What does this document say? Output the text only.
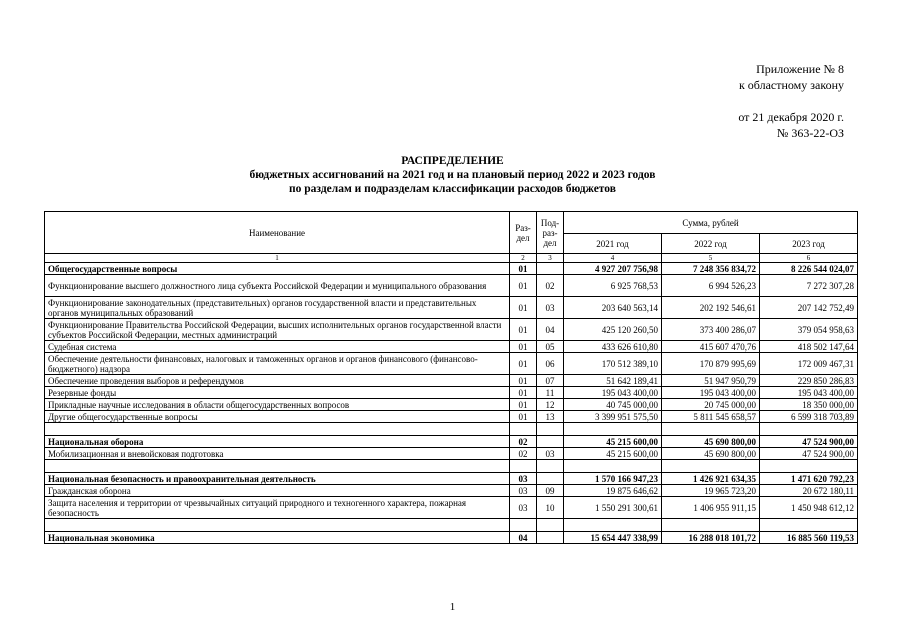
Приложение № 8
к областному закону
от 21 декабря 2020 г.
№ 363-22-ОЗ
РАСПРЕДЕЛЕНИЕ
бюджетных ассигнований на 2021 год и на плановый период 2022 и 2023 годов
по разделам и подразделам классификации расходов бюджетов
Наименование	Раз-дел	Под-раз-дел	Сумма, рублей		
			2021 год	2022 год	2023 год
1	2	3	4	5	6
Общегосударственные вопросы	01		4 927 207 756,98	7 248 356 834,72	8 226 544 024,07
Функционирование высшего должностного лица субъекта Российской Федерации и муниципального образования	01	02	6 925 768,53	6 994 526,23	7 272 307,28
Функционирование законодательных (представительных) органов государственной власти и представительных органов муниципальных образований	01	03	203 640 563,14	202 192 546,61	207 142 752,49
Функционирование Правительства Российской Федерации, высших исполнительных органов государственной власти субъектов Российской Федерации, местных администраций	01	04	425 120 260,50	373 400 286,07	379 054 958,63
Судебная система	01	05	433 626 610,80	415 607 470,76	418 502 147,64
Обеспечение деятельности финансовых, налоговых и таможенных органов и органов финансового (финансово-бюджетного) надзора	01	06	170 512 389,10	170 879 995,69	172 009 467,31
Обеспечение проведения выборов и референдумов	01	07	51 642 189,41	51 947 950,79	229 850 286,83
Резервные фонды	01	11	195 043 400,00	195 043 400,00	195 043 400,00
Прикладные научные исследования в области общегосударственных вопросов	01	12	40 745 000,00	20 745 000,00	18 350 000,00
Другие общегосударственные вопросы	01	13	3 399 951 575,50	5 811 545 658,57	6 599 318 703,89

Национальная оборона	02		45 215 600,00	45 690 800,00	47 524 900,00
Мобилизационная и вневойсковая подготовка	02	03	45 215 600,00	45 690 800,00	47 524 900,00

Национальная безопасность и правоохранительная деятельность	03		1 570 166 947,23	1 426 921 634,35	1 471 620 792,23
Гражданская оборона	03	09	19 875 646,62	19 965 723,20	20 672 180,11
Защита населения и территории от чрезвычайных ситуаций природного и техногенного характера, пожарная безопасность	03	10	1 550 291 300,61	1 406 955 911,15	1 450 948 612,12

Национальная экономика	04		15 654 447 338,99	16 288 018 101,72	16 885 560 119,53
1
